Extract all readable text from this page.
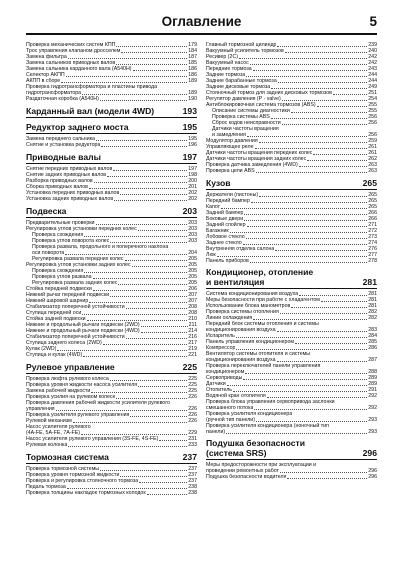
Оглавление	5
Проверка механических систем КПП	179
Трос управления клапаном дросселем	184
Замена фильтра	187
Замена сальников приводных валов	185
Замена сальника карданного вала (A540H)	186
Селектор АКПП	186
АКПП в сборе	189
Проверка гидротрансформатора и пластины привода
гидротрансформатора	189
Раздаточная коробка (A540H)	190
Карданный вал (модели 4WD)	193
Редуктор заднего моста	195
Замена переднего сальника	195
Снятие и установка редуктора	196
Приводные валы	197
Снятие передних приводных валов	197
Снятие задних приводных валов	198
Разборка приводных валов	200
Сборка приводных валов	201
Установка передних приводных валов	202
Установка задних приводных валов	202
Подвеска	203
Предварительные проверки	203
Регулировка углов установки передних колес	203
Проверка схождения	203
Проверка углов поворота колес	203
Проверка развала, продольного и поперечного наклона
оси поворота	204
Регулировка развала передних колес	205
Регулировка углов установки задних колес	205
Проверка схождения	205
Проверка углов развала	205
Регулировка развала задних колес	205
Стойка передней подвески	206
Нижний рычаг передней подвески	207
Нижний шаровой шарнир	207
Стабилизатор поперечной устойчивости	208
Ступица передней оси	208
Стойка задней подвески	210
Нижние и продольный рычаги подвески (2WD)	211
Нижние и продольный рычаги подвески (4WD)	214
Стабилизатор поперечной устойчивости	216
Ступица заднего колеса (2WD)	217
Кулак (2WD)	219
Ступица и кулак (4WD)	221
Рулевое управление	225
Проверка люфта рулевого колеса	225
Проверка уровня жидкости насоса усилителя	225
Замена рабочей жидкости	225
Проверка усилия на рулевом колесе	226
Проверка давления рабочей жидкости усилителя рулевого
управления	226
Проверка усилителя рулевого управления	226
Рулевой механизм	226
Насос усилителя рулевого
(4A-FE, 5A-FE, 7A-FE)	229
Насос усилителя рулевого управления (3S-FE, 4S-FE)	231
Рулевая колонка	233
Тормозная система	237
Проверка тормозной системы	237
Проверка уровня тормозной жидкости	237
Проверка и регулировка стояночного тормоза	237
Педаль тормоза	238
Проверка толщины накладок тормозных колодок	238
Главный тормозной цилиндр	239
Вакуумный усилитель тормозов	240
Ресивер (2C)	242
Вакуумный насос	242
Передние тормоза	243
Задние тормоза	244
Задние барабанные тормоза	244
Задние дисковые тормоза	249
Стояночный тормоз для задних дисковых тормозов	251
Регулятор давления (P - valve)	254
Антиблокировочная система тормозов (ABS)	255
Описание системы диагностики	255
Проверка системы ABS	256
Сброс кодов неисправности	256
Датчики частоты вращения
и замедления	256
Модулятор давления	259
Управляющее реле	261
Датчики частоты вращения передних колес	261
Датчики частоты вращения задних колес	262
Проверка датчика замедления (4WD)	263
Проверка цепи ABS	263
Кузов	265
Держатели (пистоны)	265
Передний бампер	265
Капот	265
Задний бампер	266
Боковые двери	266
Задний спойлер	271
Багажник	272
Лобовое стекло	273
Заднее стекло	274
Внутренняя отделка салона	276
Люк	277
Панель приборов	278
Кондиционер, отопление
и вентиляция	281
Система кондиционирования воздуха	281
Меры безопасности при работе с хладагентом	281
Использование блока манометров	281
Проверка системы отопления	282
Линии охлаждения	282
Передний блок системы отопления и системы
кондиционирования воздуха	283
Испаритель	284
Панель управления кондиционером	285
Компрессор	286
Вентилятор системы отопителя и системы
кондиционирования воздуха	287
Проверка переключателей панели управления
кондиционером	288
Сервоприводы	289
Датчики	289
Отопитель	291
Водяной кран отопителя	292
Проверка блока управления сервопривода заслонки
смешанного потока	292
Проверка усилителя кондиционера
(ручной тип панели)	293
Проверка усилителя кондиционера (ноночный тип
панели)	293
Подушка безопасности
(система SRS)	296
Меры предосторожности при эксплуатации и
проведении ремонтных работ	296
Подушка безопасности водителя	296
